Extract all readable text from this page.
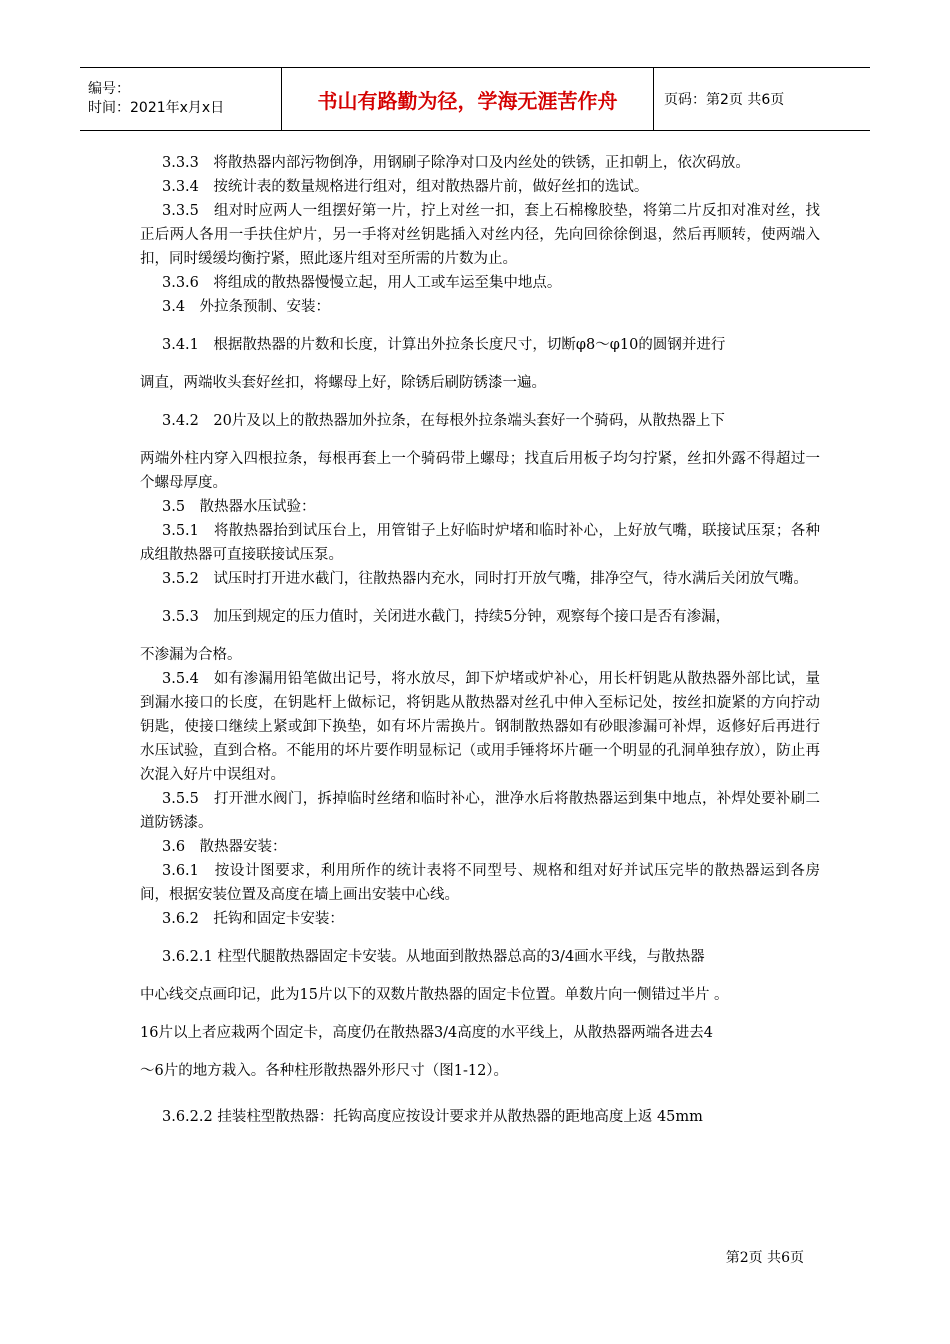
编号：
时间：2021年x月x日	书山有路勤为径，学海无涯苦作舟	页码：第2页 共6页

3.3.3　将散热器内部污物倒净，用钢刷子除净对口及内丝处的铁锈，正扣朝上，依次码放。

3.3.4　按统计表的数量规格进行组对，组对散热器片前，做好丝扣的选试。

3.3.5　组对时应两人一组摆好第一片，拧上对丝一扣，套上石棉橡胶垫，将第二片反扣对准对丝，找正后两人各用一手扶住炉片，另一手将对丝钥匙插入对丝内径，先向回徐徐倒退，然后再顺转，使两端入扣，同时缓缓均衡拧紧，照此逐片组对至所需的片数为止。

3.3.6　将组成的散热器慢慢立起，用人工或车运至集中地点。

3.4　外拉条预制、安装：

3.4.1　根据散热器的片数和长度，计算出外拉条长度尺寸，切断φ8～φ10的圆钢并进行

调直，两端收头套好丝扣，将螺母上好，除锈后刷防锈漆一遍。

3.4.2　20片及以上的散热器加外拉条，在每根外拉条端头套好一个骑码，从散热器上下

两端外柱内穿入四根拉条，每根再套上一个骑码带上螺母；找直后用板子均匀拧紧，丝扣外露不得超过一个螺母厚度。

3.5　散热器水压试验：

3.5.1　将散热器抬到试压台上，用管钳子上好临时炉堵和临时补心，上好放气嘴，联接试压泵；各种成组散热器可直接联接试压泵。

3.5.2　试压时打开进水截门，往散热器内充水，同时打开放气嘴，排净空气，待水满后关闭放气嘴。

3.5.3　加压到规定的压力值时，关闭进水截门，持续5分钟，观察每个接口是否有渗漏，

不渗漏为合格。

3.5.4　如有渗漏用铅笔做出记号，将水放尽，卸下炉堵或炉补心，用长杆钥匙从散热器外部比试，量到漏水接口的长度，在钥匙杆上做标记，将钥匙从散热器对丝孔中伸入至标记处，按丝扣旋紧的方向拧动钥匙，使接口继续上紧或卸下换垫，如有坏片需换片。钢制散热器如有砂眼渗漏可补焊，返修好后再进行水压试验，直到合格。不能用的坏片要作明显标记（或用手锤将坏片砸一个明显的孔洞单独存放），防止再次混入好片中误组对。

3.5.5　打开泄水阀门，拆掉临时丝绪和临时补心，泄净水后将散热器运到集中地点，补焊处要补刷二道防锈漆。

3.6　散热器安装：

3.6.1　按设计图要求，利用所作的统计表将不同型号、规格和组对好并试压完毕的散热器运到各房间，根据安装位置及高度在墙上画出安装中心线。

3.6.2　托钩和固定卡安装：

3.6.2.1 柱型代腿散热器固定卡安装。从地面到散热器总高的3/4画水平线，与散热器

中心线交点画印记，此为15片以下的双数片散热器的固定卡位置。单数片向一侧错过半片 。

16片以上者应栽两个固定卡，高度仍在散热器3/4高度的水平线上，从散热器两端各进去4

～6片的地方栽入。各种柱形散热器外形尺寸（图1-12）。

3.6.2.2 挂装柱型散热器：托钩高度应按设计要求并从散热器的距地高度上返 45mm

第2页 共6页
